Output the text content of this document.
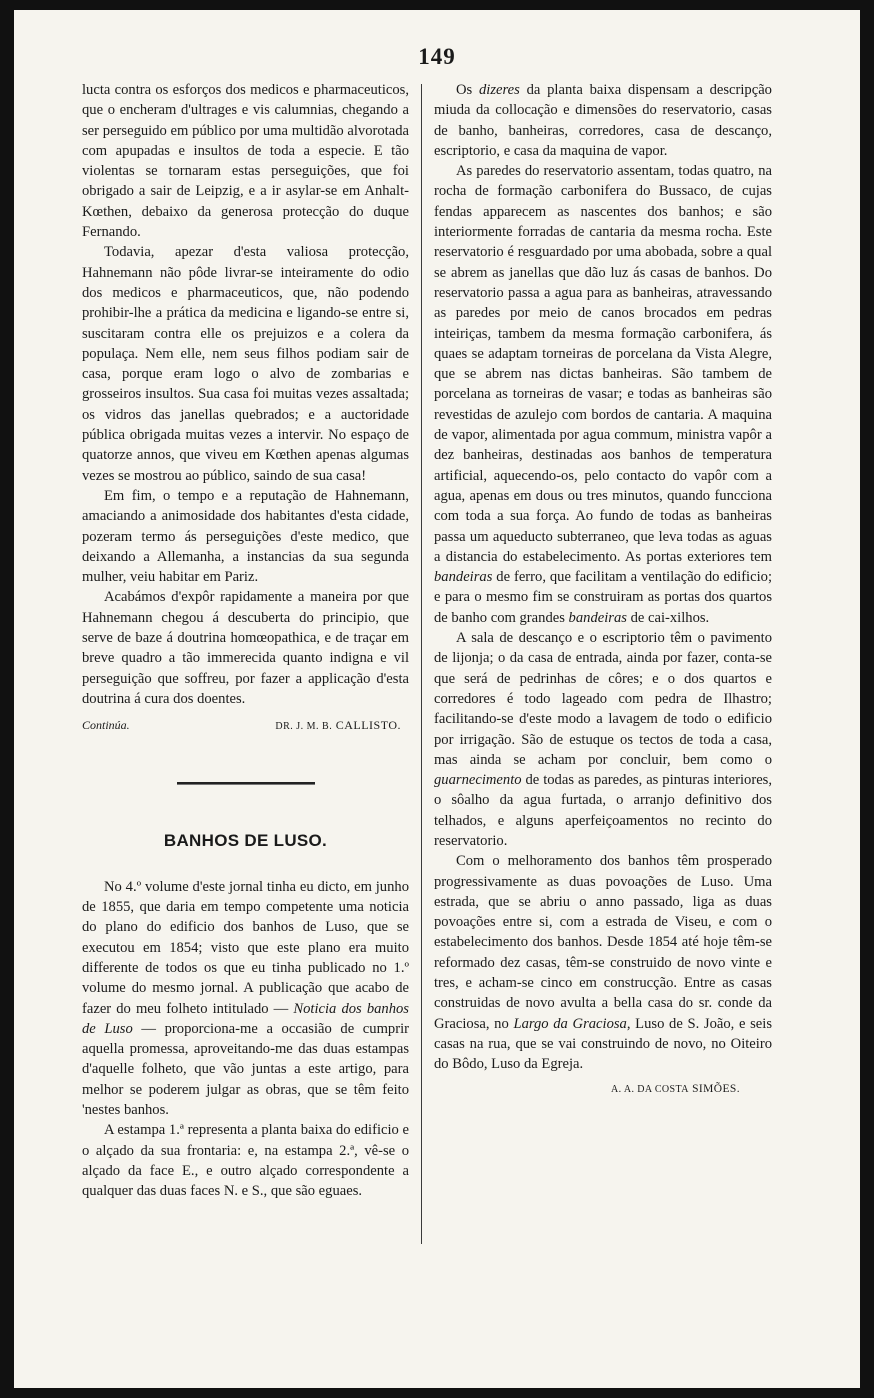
149

lucta contra os esforços dos medicos e pharmaceuticos, que o encheram d'ultrages e vis calumnias, chegando a ser perseguido em público por uma multidão alvorotada com apupadas e insultos de toda a especie. E tão violentas se tornaram estas perseguições, que foi obrigado a sair de Leipzig, e a ir asylar-se em Anhalt-Kœthen, debaixo da generosa protecção do duque Fernando.

Todavia, apezar d'esta valiosa protecção, Hahnemann não pôde livrar-se inteiramente do odio dos medicos e pharmaceuticos, que, não podendo prohibir-lhe a prática da medicina e ligando-se entre si, suscitaram contra elle os prejuizos e a colera da populaça. Nem elle, nem seus filhos podiam sair de casa, porque eram logo o alvo de zombarias e grosseiros insultos. Sua casa foi muitas vezes assaltada; os vidros das janellas quebrados; e a auctoridade pública obrigada muitas vezes a intervir. No espaço de quatorze annos, que viveu em Kœthen apenas algumas vezes se mostrou ao público, saindo de sua casa!

Em fim, o tempo e a reputação de Hahnemann, amaciando a animosidade dos habitantes d'esta cidade, pozeram termo ás perseguições d'este medico, que deixando a Allemanha, a instancias da sua segunda mulher, veiu habitar em Pariz.

Acabámos d'expôr rapidamente a maneira por que Hahnemann chegou á descuberta do principio, que serve de baze á doutrina homœopathica, e de traçar em breve quadro a tão immerecida quanto indigna e vil perseguição que soffreu, por fazer a applicação d'esta doutrina á cura dos doentes.

Continúa.	DR. J. M. B. CALLISTO.
BANHOS DE LUSO.

No 4.º volume d'este jornal tinha eu dicto, em junho de 1855, que daria em tempo competente uma noticia do plano do edificio dos banhos de Luso, que se executou em 1854; visto que este plano era muito differente de todos os que eu tinha publicado no 1.º volume do mesmo jornal. A publicação que acabo de fazer do meu folheto intitulado — Noticia dos banhos de Luso — proporciona-me a occasião de cumprir aquella promessa, aproveitando-me das duas estampas d'aquelle folheto, que vão juntas a este artigo, para melhor se poderem julgar as obras, que se têm feito 'nestes banhos.

A estampa 1.ª representa a planta baixa do edificio e o alçado da sua frontaria: e, na estampa 2.ª, vê-se o alçado da face E., e outro alçado correspondente a qualquer das duas faces N. e S., que são eguaes.

Os dizeres da planta baixa dispensam a descripção miuda da collocação e dimensões do reservatorio, casas de banho, banheiras, corredores, casa de descanço, escriptorio, e casa da maquina de vapor.

As paredes do reservatorio assentam, todas quatro, na rocha de formação carbonifera do Bussaco, de cujas fendas apparecem as nascentes dos banhos; e são interiormente forradas de cantaria da mesma rocha. Este reservatorio é resguardado por uma abobada, sobre a qual se abrem as janellas que dão luz ás casas de banhos. Do reservatorio passa a agua para as banheiras, atravessando as paredes por meio de canos brocados em pedras inteiriças, tambem da mesma formação carbonifera, ás quaes se adaptam torneiras de porcelana da Vista Alegre, que se abrem nas dictas banheiras. São tambem de porcelana as torneiras de vasar; e todas as banheiras são revestidas de azulejo com bordos de cantaria. A maquina de vapor, alimentada por agua commum, ministra vapôr a dez banheiras, destinadas aos banhos de temperatura artificial, aquecendo-os, pelo contacto do vapôr com a agua, apenas em dous ou tres minutos, quando funcciona com toda a sua força. Ao fundo de todas as banheiras passa um aqueducto subterraneo, que leva todas as aguas a distancia do estabelecimento. As portas exteriores tem bandeiras de ferro, que facilitam a ventilação do edificio; e para o mesmo fim se construiram as portas dos quartos de banho com grandes bandeiras de cai-xilhos.

A sala de descanço e o escriptorio têm o pavimento de lijonja; o da casa de entrada, ainda por fazer, conta-se que será de pedrinhas de côres; e o dos quartos e corredores é todo lageado com pedra de Ilhastro; facilitando-se d'este modo a lavagem de todo o edificio por irrigação. São de estuque os tectos de toda a casa, mas ainda se acham por concluir, bem como o guarnecimento de todas as paredes, as pinturas interiores, o sôalho da agua furtada, o arranjo definitivo dos telhados, e alguns aperfeiçoamentos no recinto do reservatorio.

Com o melhoramento dos banhos têm prosperado progressivamente as duas povoações de Luso. Uma estrada, que se abriu o anno passado, liga as duas povoações entre si, com a estrada de Viseu, e com o estabelecimento dos banhos. Desde 1854 até hoje têm-se reformado dez casas, têm-se construido de novo vinte e tres, e acham-se cinco em construcção. Entre as casas construidas de novo avulta a bella casa do sr. conde da Graciosa, no Largo da Graciosa, Luso de S. João, e seis casas na rua, que se vai construindo de novo, no Oiteiro do Bôdo, Luso da Egreja.

A. A. DA COSTA SIMÕES.
